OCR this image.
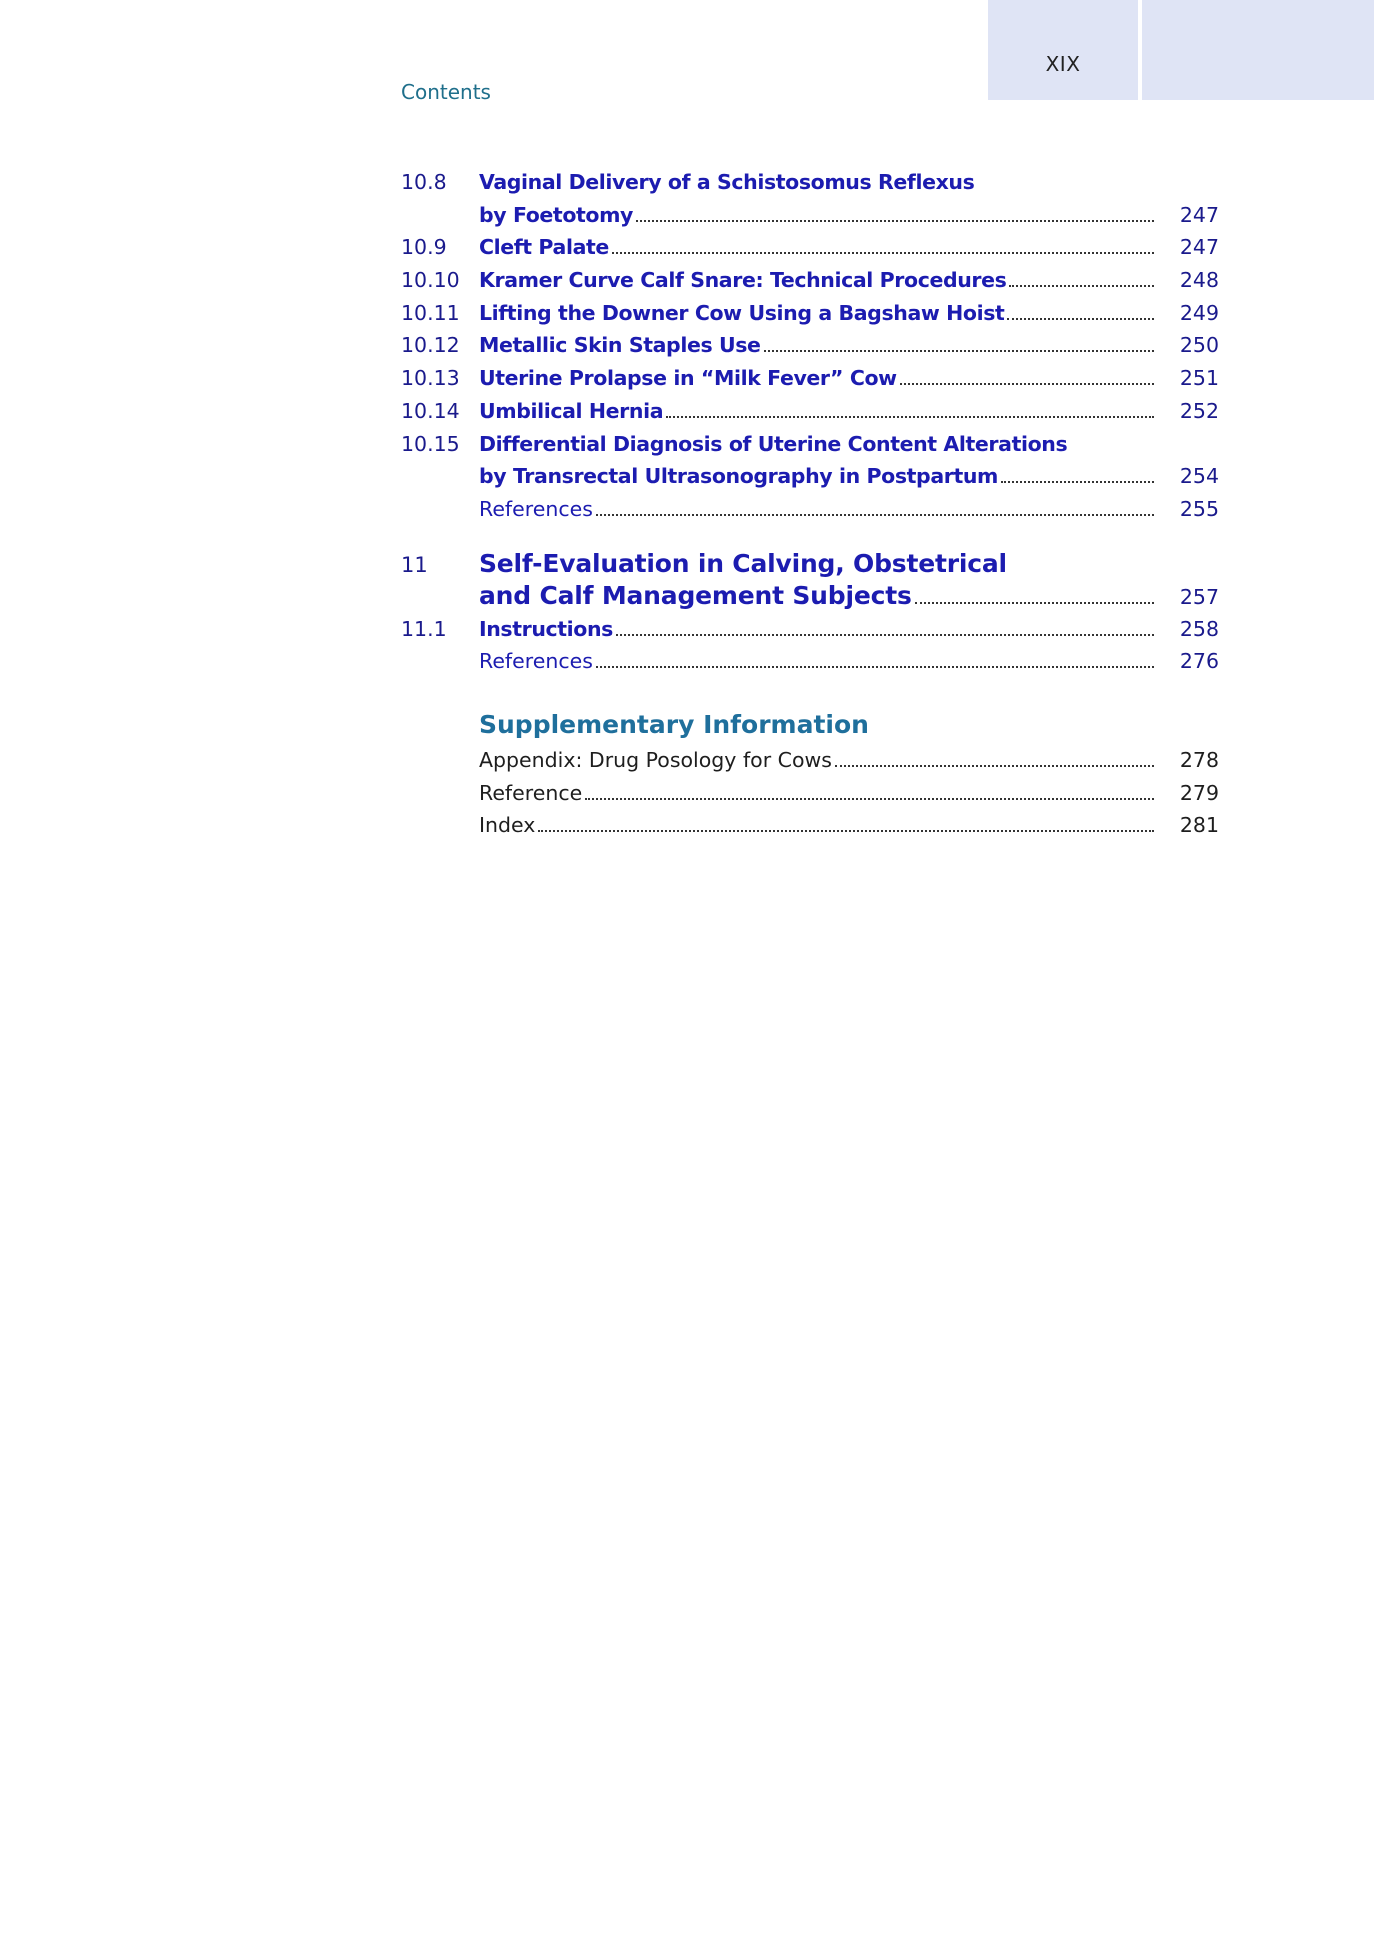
XIX
Contents
10.8	Vaginal Delivery of a Schistosomus Reflexus
by Foetotomy	247
10.9	Cleft Palate	247
10.10 Kramer Curve Calf Snare: Technical Procedures	248
10.11 Lifting the Downer Cow Using a Bagshaw Hoist	249
10.12 Metallic Skin Staples Use	250
10.13 Uterine Prolapse in “Milk Fever” Cow	251
10.14 Umbilical Hernia	252
10.15 Differential Diagnosis of Uterine Content Alterations
by Transrectal Ultrasonography in Postpartum	254
References	255
11	Self-Evaluation in Calving, Obstetrical
and Calf Management Subjects	257
11.1	Instructions	258
References	276
Supplementary Information
Appendix: Drug Posology for Cows	278
Reference	279
Index	281
